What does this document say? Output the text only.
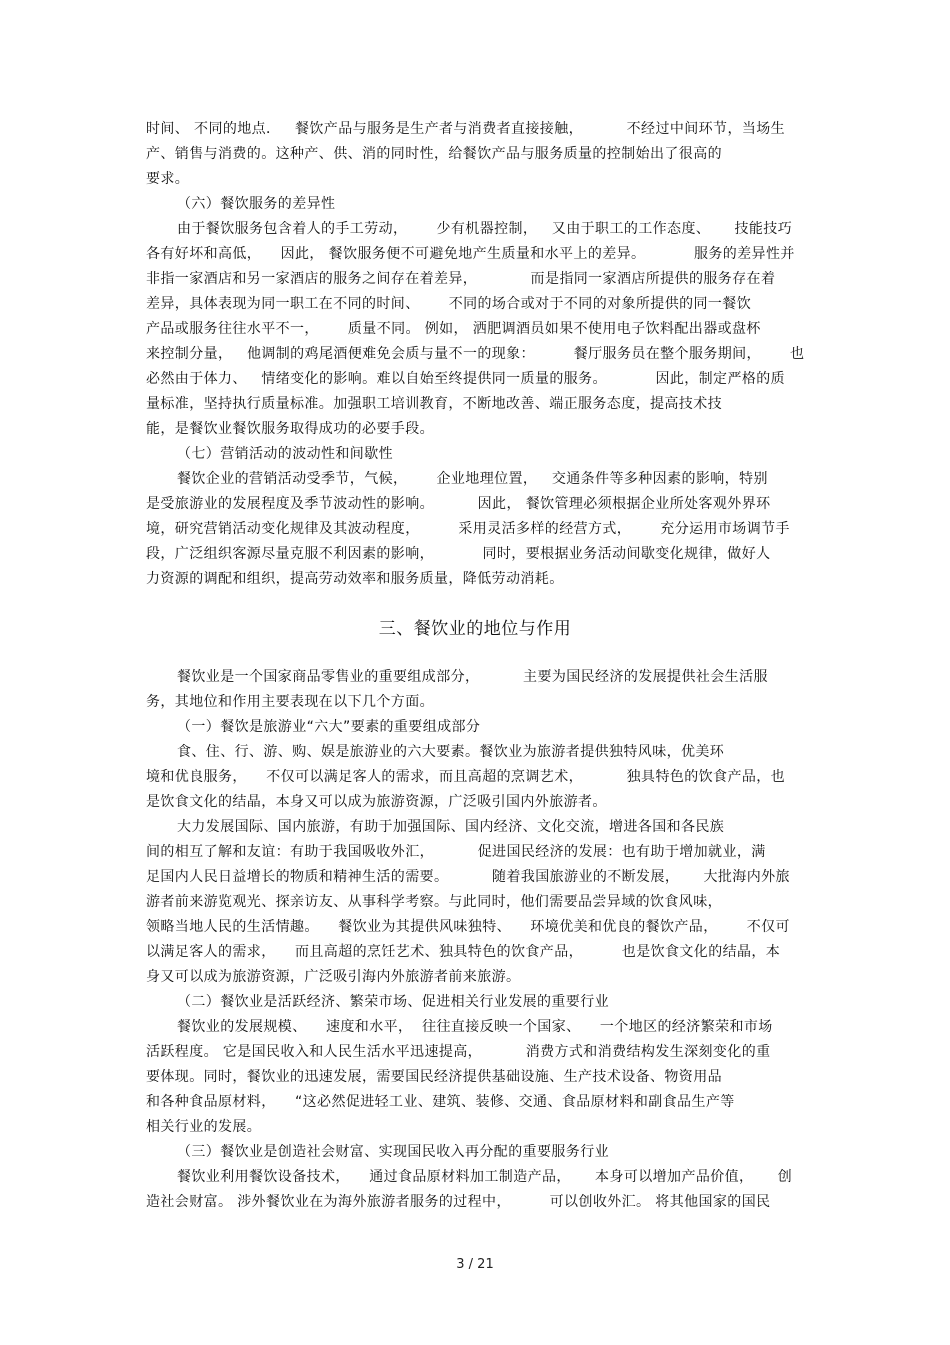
时间、 不同的地点．   餐饮产品与服务是生产者与消费者直接接触，         不经过中间环节，当场生
产、销售与消费的。这种产、供、消的同时性，给餐饮产品与服务质量的控制始出了很高的
要求。
（六）餐饮服务的差异性
由于餐饮服务包含着人的手工劳动，      少有机器控制，   又由于职工的工作态度、     技能技巧
各有好坏和高低，    因此， 餐饮服务便不可避免地产生质量和水平上的差异。          服务的差异性并
非指一家酒店和另一家酒店的服务之间存在着差异，           而是指同一家酒店所提供的服务存在着
差异，具体表现为同一职工在不同的时间、      不同的场合或对于不同的对象所提供的同一餐饮
产品或服务往往水平不一，      质量不同。 例如， 洒肥调酒员如果不使用电子饮料配出器或盘杯
来控制分量，   他调制的鸡尾酒便难免会质与量不一的现象：        餐厅服务员在整个服务期间，      也
必然由于体力、   情绪变化的影响。难以自始至终提供同一质量的服务。          因此，制定严格的质
量标准，坚持执行质量标准。加强职工培训教育，不断地改善、端正服务态度，提高技术技
能，是餐饮业餐饮服务取得成功的必要手段。
（七）营销活动的波动性和间歇性
餐饮企业的营销活动受季节，气候，      企业地理位置，   交通条件等多种因素的影响，特别
是受旅游业的发展程度及季节波动性的影响。         因此， 餐饮管理必须根据企业所处客观外界环
境，研究营销活动变化规律及其波动程度，        采用灵活多样的经营方式，      充分运用市场调节手
段，广泛组织客源尽量克服不利因素的影响，          同时，要根据业务活动间歇变化规律，做好人
力资源的调配和组织，提高劳动效率和服务质量，降低劳动消耗。
三、餐饮业的地位与作用
餐饮业是一个国家商品零售业的重要组成部分，         主要为国民经济的发展提供社会生活服
务，其地位和作用主要表现在以下几个方面。
（一）餐饮是旅游业“六大”要素的重要组成部分
食、住、行、游、购、娱是旅游业的六大要素。餐饮业为旅游者提供独特风味，优美环
境和优良服务，    不仅可以满足客人的需求，而且高超的烹调艺术，         独具特色的饮食产品，也
是饮食文化的结晶，本身又可以成为旅游资源，广泛吸引国内外旅游者。
大力发展国际、国内旅游，有助于加强国际、国内经济、文化交流，增进各国和各民族
间的相互了解和友谊：有助于我国吸收外汇，         促进国民经济的发展：也有助于增加就业，满
足国内人民日益增长的物质和精神生活的需要。         随着我国旅游业的不断发展，     大批海内外旅
游者前来游览观光、探亲访友、从事科学考察。与此同时，他们需要品尝异域的饮食风味，
领略当地人民的生活情趣。    餐饮业为其提供风味独特、    环境优美和优良的餐饮产品，      不仅可
以满足客人的需求，    而且高超的烹饪艺术、独具特色的饮食产品，        也是饮食文化的结晶，本
身又可以成为旅游资源，广泛吸引海内外旅游者前来旅游。
（二）餐饮业是活跃经济、繁荣市场、促进相关行业发展的重要行业
餐饮业的发展规模、    速度和水平，  往往直接反映一个国家、    一个地区的经济繁荣和市场
活跃程度。 它是国民收入和人民生活水平迅速提高，         消费方式和消费结构发生深刻变化的重
要体现。同时，餐饮业的迅速发展，需要国民经济提供基础设施、生产技术设备、物资用品
和各种食品原材料，    “这必然促进轻工业、建筑、装修、交通、食品原材料和副食品生产等
相关行业的发展。
（三）餐饮业是创造社会财富、实现国民收入再分配的重要服务行业
餐饮业利用餐饮设备技术，    通过食品原材料加工制造产品，     本身可以增加产品价值，     创
造社会财富。 涉外餐饮业在为海外旅游者服务的过程中，        可以创收外汇。 将其他国家的国民
3 / 21
